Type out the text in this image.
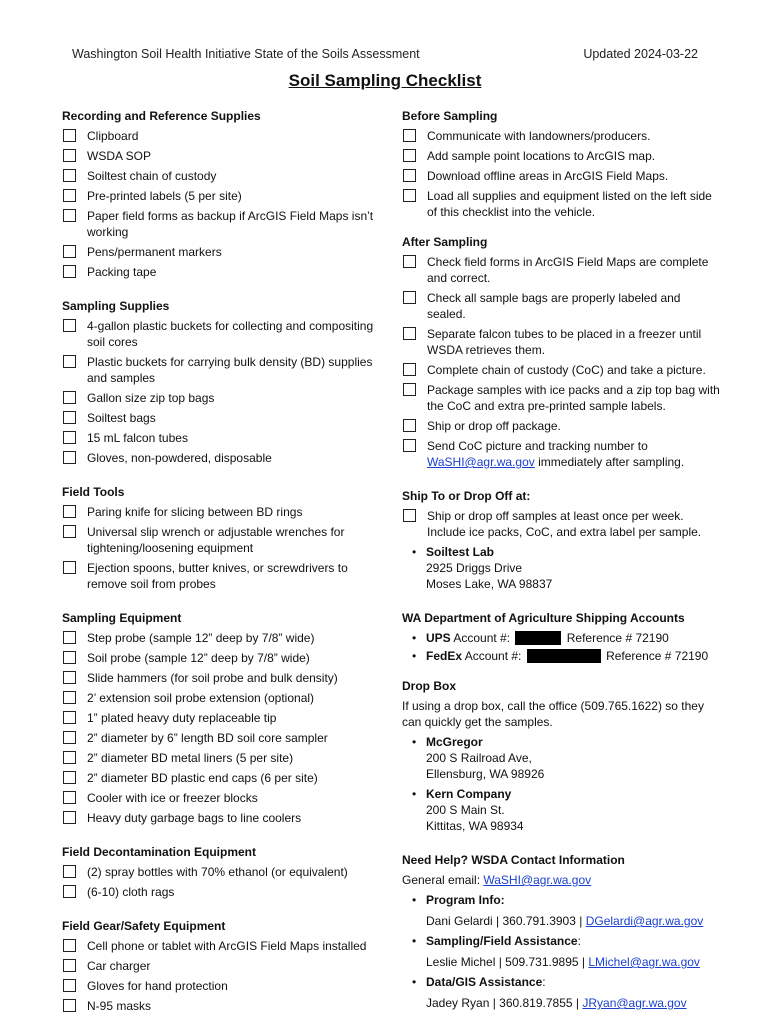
Washington Soil Health Initiative State of the Soils Assessment	Updated 2024-03-22
Soil Sampling Checklist
Recording and Reference Supplies
Clipboard
WSDA SOP
Soiltest chain of custody
Pre-printed labels (5 per site)
Paper field forms as backup if ArcGIS Field Maps isn’t working
Pens/permanent markers
Packing tape
Sampling Supplies
4-gallon plastic buckets for collecting and compositing soil cores
Plastic buckets for carrying bulk density (BD) supplies and samples
Gallon size zip top bags
Soiltest bags
15 mL falcon tubes
Gloves, non-powdered, disposable
Field Tools
Paring knife for slicing between BD rings
Universal slip wrench or adjustable wrenches for tightening/loosening equipment
Ejection spoons, butter knives, or screwdrivers to remove soil from probes
Sampling Equipment
Step probe (sample 12” deep by 7/8” wide)
Soil probe (sample 12” deep by 7/8” wide)
Slide hammers (for soil probe and bulk density)
2’ extension soil probe extension (optional)
1” plated heavy duty replaceable tip
2” diameter by 6” length BD soil core sampler
2” diameter BD metal liners (5 per site)
2” diameter BD plastic end caps (6 per site)
Cooler with ice or freezer blocks
Heavy duty garbage bags to line coolers
Field Decontamination Equipment
(2) spray bottles with 70% ethanol (or equivalent)
(6-10) cloth rags
Field Gear/Safety Equipment
Cell phone or tablet with ArcGIS Field Maps installed
Car charger
Gloves for hand protection
N-95 masks
Before Sampling
Communicate with landowners/producers.
Add sample point locations to ArcGIS map.
Download offline areas in ArcGIS Field Maps.
Load all supplies and equipment listed on the left side of this checklist into the vehicle.
After Sampling
Check field forms in ArcGIS Field Maps are complete and correct.
Check all sample bags are properly labeled and sealed.
Separate falcon tubes to be placed in a freezer until WSDA retrieves them.
Complete chain of custody (CoC) and take a picture.
Package samples with ice packs and a zip top bag with the CoC and extra pre-printed sample labels.
Ship or drop off package.
Send CoC picture and tracking number to WaSHI@agr.wa.gov immediately after sampling.
Ship To or Drop Off at:
Ship or drop off samples at least once per week. Include ice packs, CoC, and extra label per sample.
• Soiltest Lab
2925 Driggs Drive
Moses Lake, WA 98837
WA Department of Agriculture Shipping Accounts
• UPS Account #:	Reference # 72190
• FedEx Account #:	Reference # 72190
Drop Box
If using a drop box, call the office (509.765.1622) so they can quickly get the samples.
• McGregor
200 S Railroad Ave,
Ellensburg, WA 98926
• Kern Company
200 S Main St.
Kittitas, WA 98934
Need Help? WSDA Contact Information
General email: WaSHI@agr.wa.gov
• Program Info:
Dani Gelardi | 360.791.3903 | DGelardi@agr.wa.gov
• Sampling/Field Assistance:
Leslie Michel | 509.731.9895 | LMichel@agr.wa.gov
• Data/GIS Assistance:
Jadey Ryan | 360.819.7855 | JRyan@agr.wa.gov
